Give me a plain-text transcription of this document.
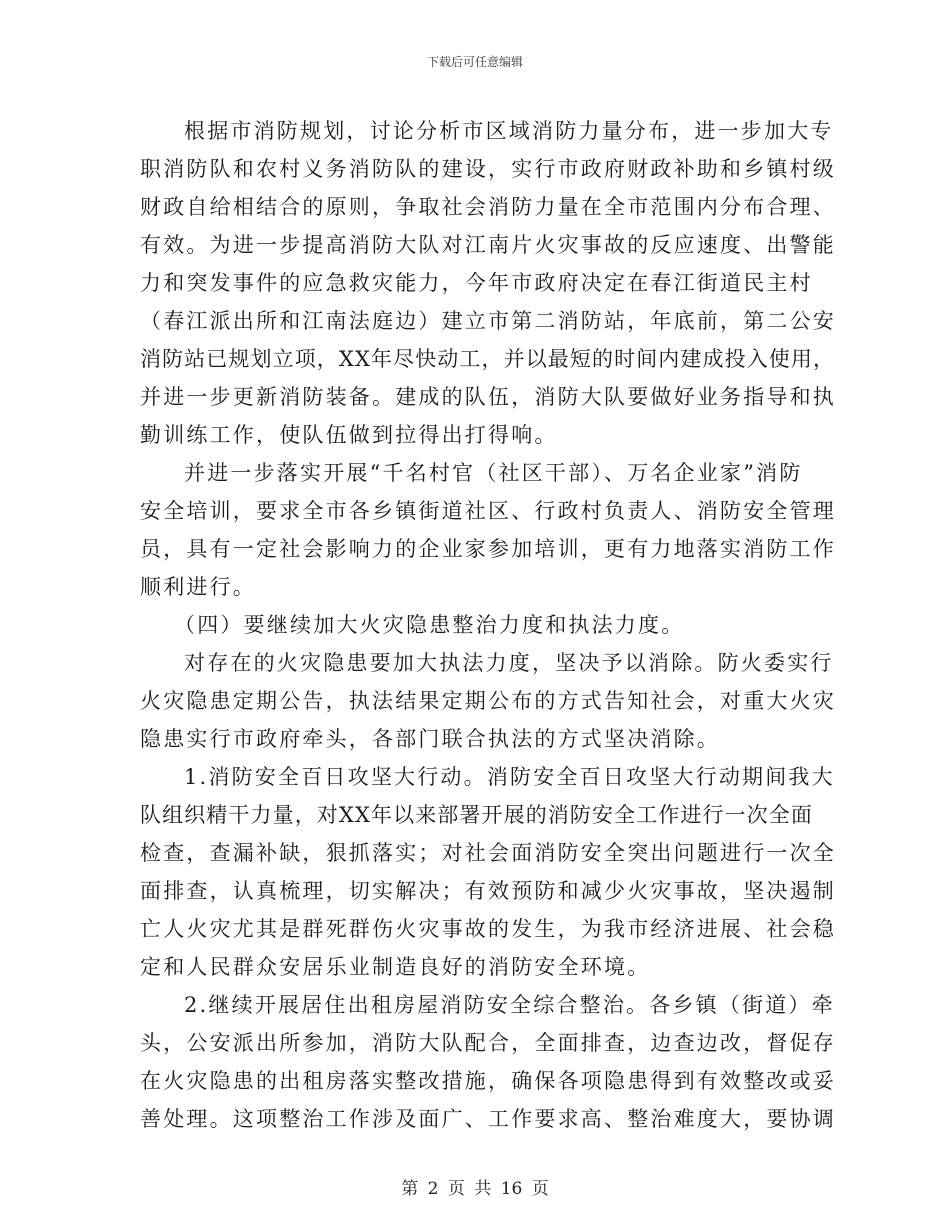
下载后可任意编辑
根据市消防规划，讨论分析市区域消防力量分布，进一步加大专
职消防队和农村义务消防队的建设，实行市政府财政补助和乡镇村级
财政自给相结合的原则，争取社会消防力量在全市范围内分布合理、
有效。为进一步提高消防大队对江南片火灾事故的反应速度、出警能
力和突发事件的应急救灾能力，今年市政府决定在春江街道民主村
（春江派出所和江南法庭边）建立市第二消防站，年底前，第二公安
消防站已规划立项，XX年尽快动工，并以最短的时间内建成投入使用，
并进一步更新消防装备。建成的队伍，消防大队要做好业务指导和执
勤训练工作，使队伍做到拉得出打得响。
并进一步落实开展“千名村官（社区干部）、万名企业家”消防
安全培训，要求全市各乡镇街道社区、行政村负责人、消防安全管理
员，具有一定社会影响力的企业家参加培训，更有力地落实消防工作
顺利进行。
（四）要继续加大火灾隐患整治力度和执法力度。
对存在的火灾隐患要加大执法力度，坚决予以消除。防火委实行
火灾隐患定期公告，执法结果定期公布的方式告知社会，对重大火灾
隐患实行市政府牵头，各部门联合执法的方式坚决消除。
1.消防安全百日攻坚大行动。消防安全百日攻坚大行动期间我大
队组织精干力量，对XX年以来部署开展的消防安全工作进行一次全面
检查，查漏补缺，狠抓落实；对社会面消防安全突出问题进行一次全
面排查，认真梳理，切实解决；有效预防和减少火灾事故，坚决遏制
亡人火灾尤其是群死群伤火灾事故的发生，为我市经济进展、社会稳
定和人民群众安居乐业制造良好的消防安全环境。
2.继续开展居住出租房屋消防安全综合整治。各乡镇（街道）牵
头，公安派出所参加，消防大队配合，全面排查，边查边改，督促存
在火灾隐患的出租房落实整改措施，确保各项隐患得到有效整改或妥
善处理。这项整治工作涉及面广、工作要求高、整治难度大，要协调
第 2 页 共 16 页
